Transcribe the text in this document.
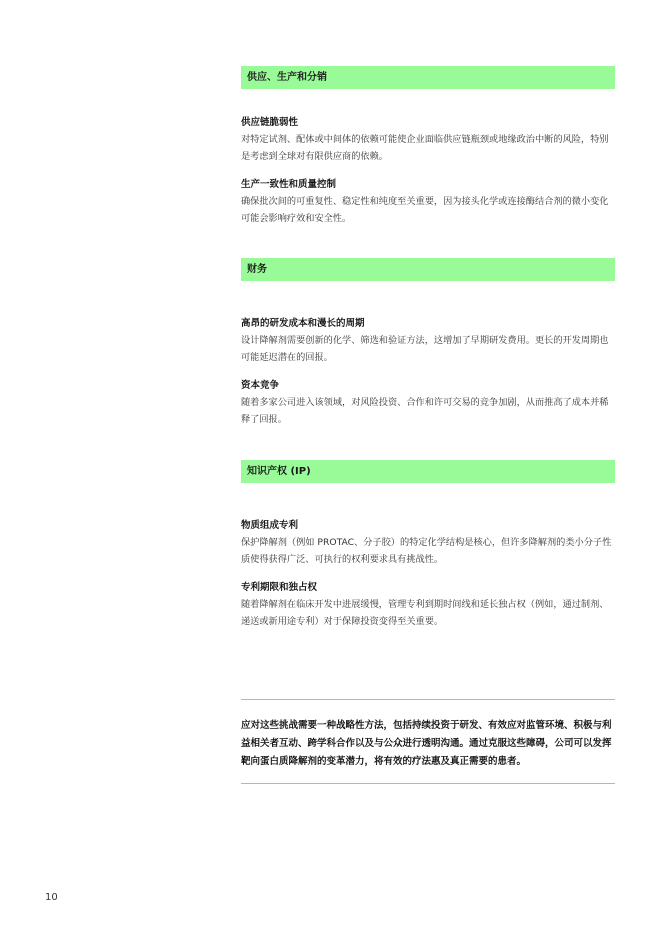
供应、生产和分销
供应链脆弱性
对特定试剂、配体或中间体的依赖可能使企业面临供应链瓶颈或地缘政治中断的风险，特别是考虑到全球对有限供应商的依赖。
生产一致性和质量控制
确保批次间的可重复性、稳定性和纯度至关重要，因为接头化学或连接酶结合剂的微小变化可能会影响疗效和安全性。
财务
高昂的研发成本和漫长的周期
设计降解剂需要创新的化学、筛选和验证方法，这增加了早期研发费用。更长的开发周期也可能延迟潜在的回报。
资本竞争
随着多家公司进入该领域，对风险投资、合作和许可交易的竞争加剧，从而推高了成本并稀释了回报。
知识产权 (IP)
物质组成专利
保护降解剂（例如 PROTAC、分子胶）的特定化学结构是核心，但许多降解剂的类小分子性质使得获得广泛、可执行的权利要求具有挑战性。
专利期限和独占权
随着降解剂在临床开发中进展缓慢，管理专利到期时间线和延长独占权（例如，通过制剂、递送或新用途专利）对于保障投资变得至关重要。
应对这些挑战需要一种战略性方法，包括持续投资于研发、有效应对监管环境、积极与利益相关者互动、跨学科合作以及与公众进行透明沟通。通过克服这些障碍，公司可以发挥靶向蛋白质降解剂的变革潜力，将有效的疗法惠及真正需要的患者。
10
